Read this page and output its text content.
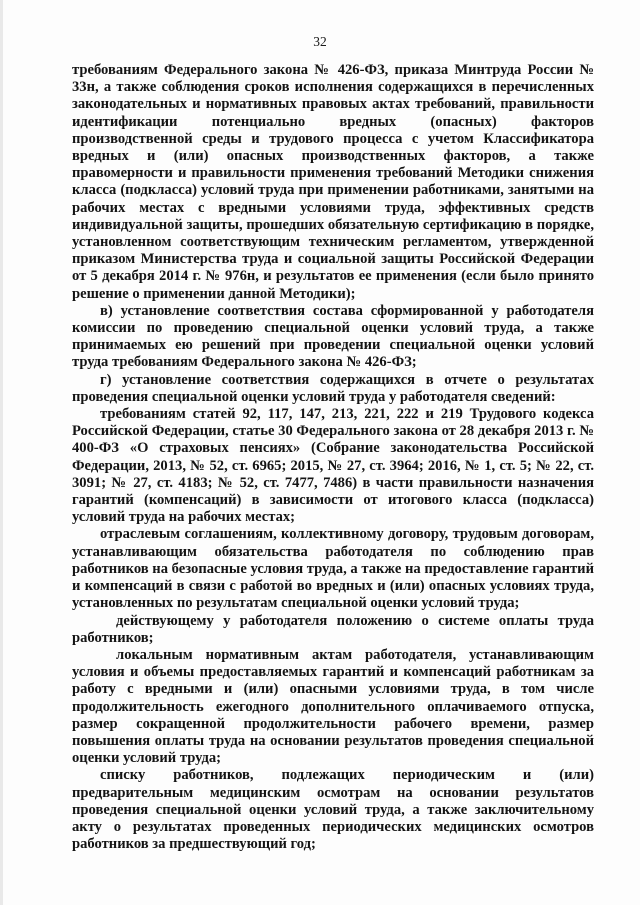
32

требованиям Федерального закона № 426-ФЗ, приказа Минтруда России № 33н, а также соблюдения сроков исполнения содержащихся в перечисленных законодательных и нормативных правовых актах требований, правильности идентификации потенциально вредных (опасных) факторов производственной среды и трудового процесса с учетом Классификатора вредных и (или) опасных производственных факторов, а также правомерности и правильности применения требований Методики снижения класса (подкласса) условий труда при применении работниками, занятыми на рабочих местах с вредными условиями труда, эффективных средств индивидуальной защиты, прошедших обязательную сертификацию в порядке, установленном соответствующим техническим регламентом, утвержденной приказом Министерства труда и социальной защиты Российской Федерации от 5 декабря 2014 г. № 976н, и результатов ее применения (если было принято решение о применении данной Методики);

в) установление соответствия состава сформированной у работодателя комиссии по проведению специальной оценки условий труда, а также принимаемых ею решений при проведении специальной оценки условий труда требованиям Федерального закона № 426-ФЗ;

г) установление соответствия содержащихся в отчете о результатах проведения специальной оценки условий труда у работодателя сведений:

требованиям статей 92, 117, 147, 213, 221, 222 и 219 Трудового кодекса Российской Федерации, статье 30 Федерального закона от 28 декабря 2013 г. № 400-ФЗ «О страховых пенсиях» (Собрание законодательства Российской Федерации, 2013, № 52, ст. 6965; 2015, № 27, ст. 3964; 2016, № 1, ст. 5; № 22, ст. 3091; № 27, ст. 4183; № 52, ст. 7477, 7486) в части правильности назначения гарантий (компенсаций) в зависимости от итогового класса (подкласса) условий труда на рабочих местах;

отраслевым соглашениям, коллективному договору, трудовым договорам, устанавливающим обязательства работодателя по соблюдению прав работников на безопасные условия труда, а также на предоставление гарантий и компенсаций в связи с работой во вредных и (или) опасных условиях труда, установленных по результатам специальной оценки условий труда;

действующему у работодателя положению о системе оплаты труда работников;

локальным нормативным актам работодателя, устанавливающим условия и объемы предоставляемых гарантий и компенсаций работникам за работу с вредными и (или) опасными условиями труда, в том числе продолжительность ежегодного дополнительного оплачиваемого отпуска, размер сокращенной продолжительности рабочего времени, размер повышения оплаты труда на основании результатов проведения специальной оценки условий труда;

списку работников, подлежащих периодическим и (или) предварительным медицинским осмотрам на основании результатов проведения специальной оценки условий труда, а также заключительному акту о результатах проведенных периодических медицинских осмотров работников за предшествующий год;
